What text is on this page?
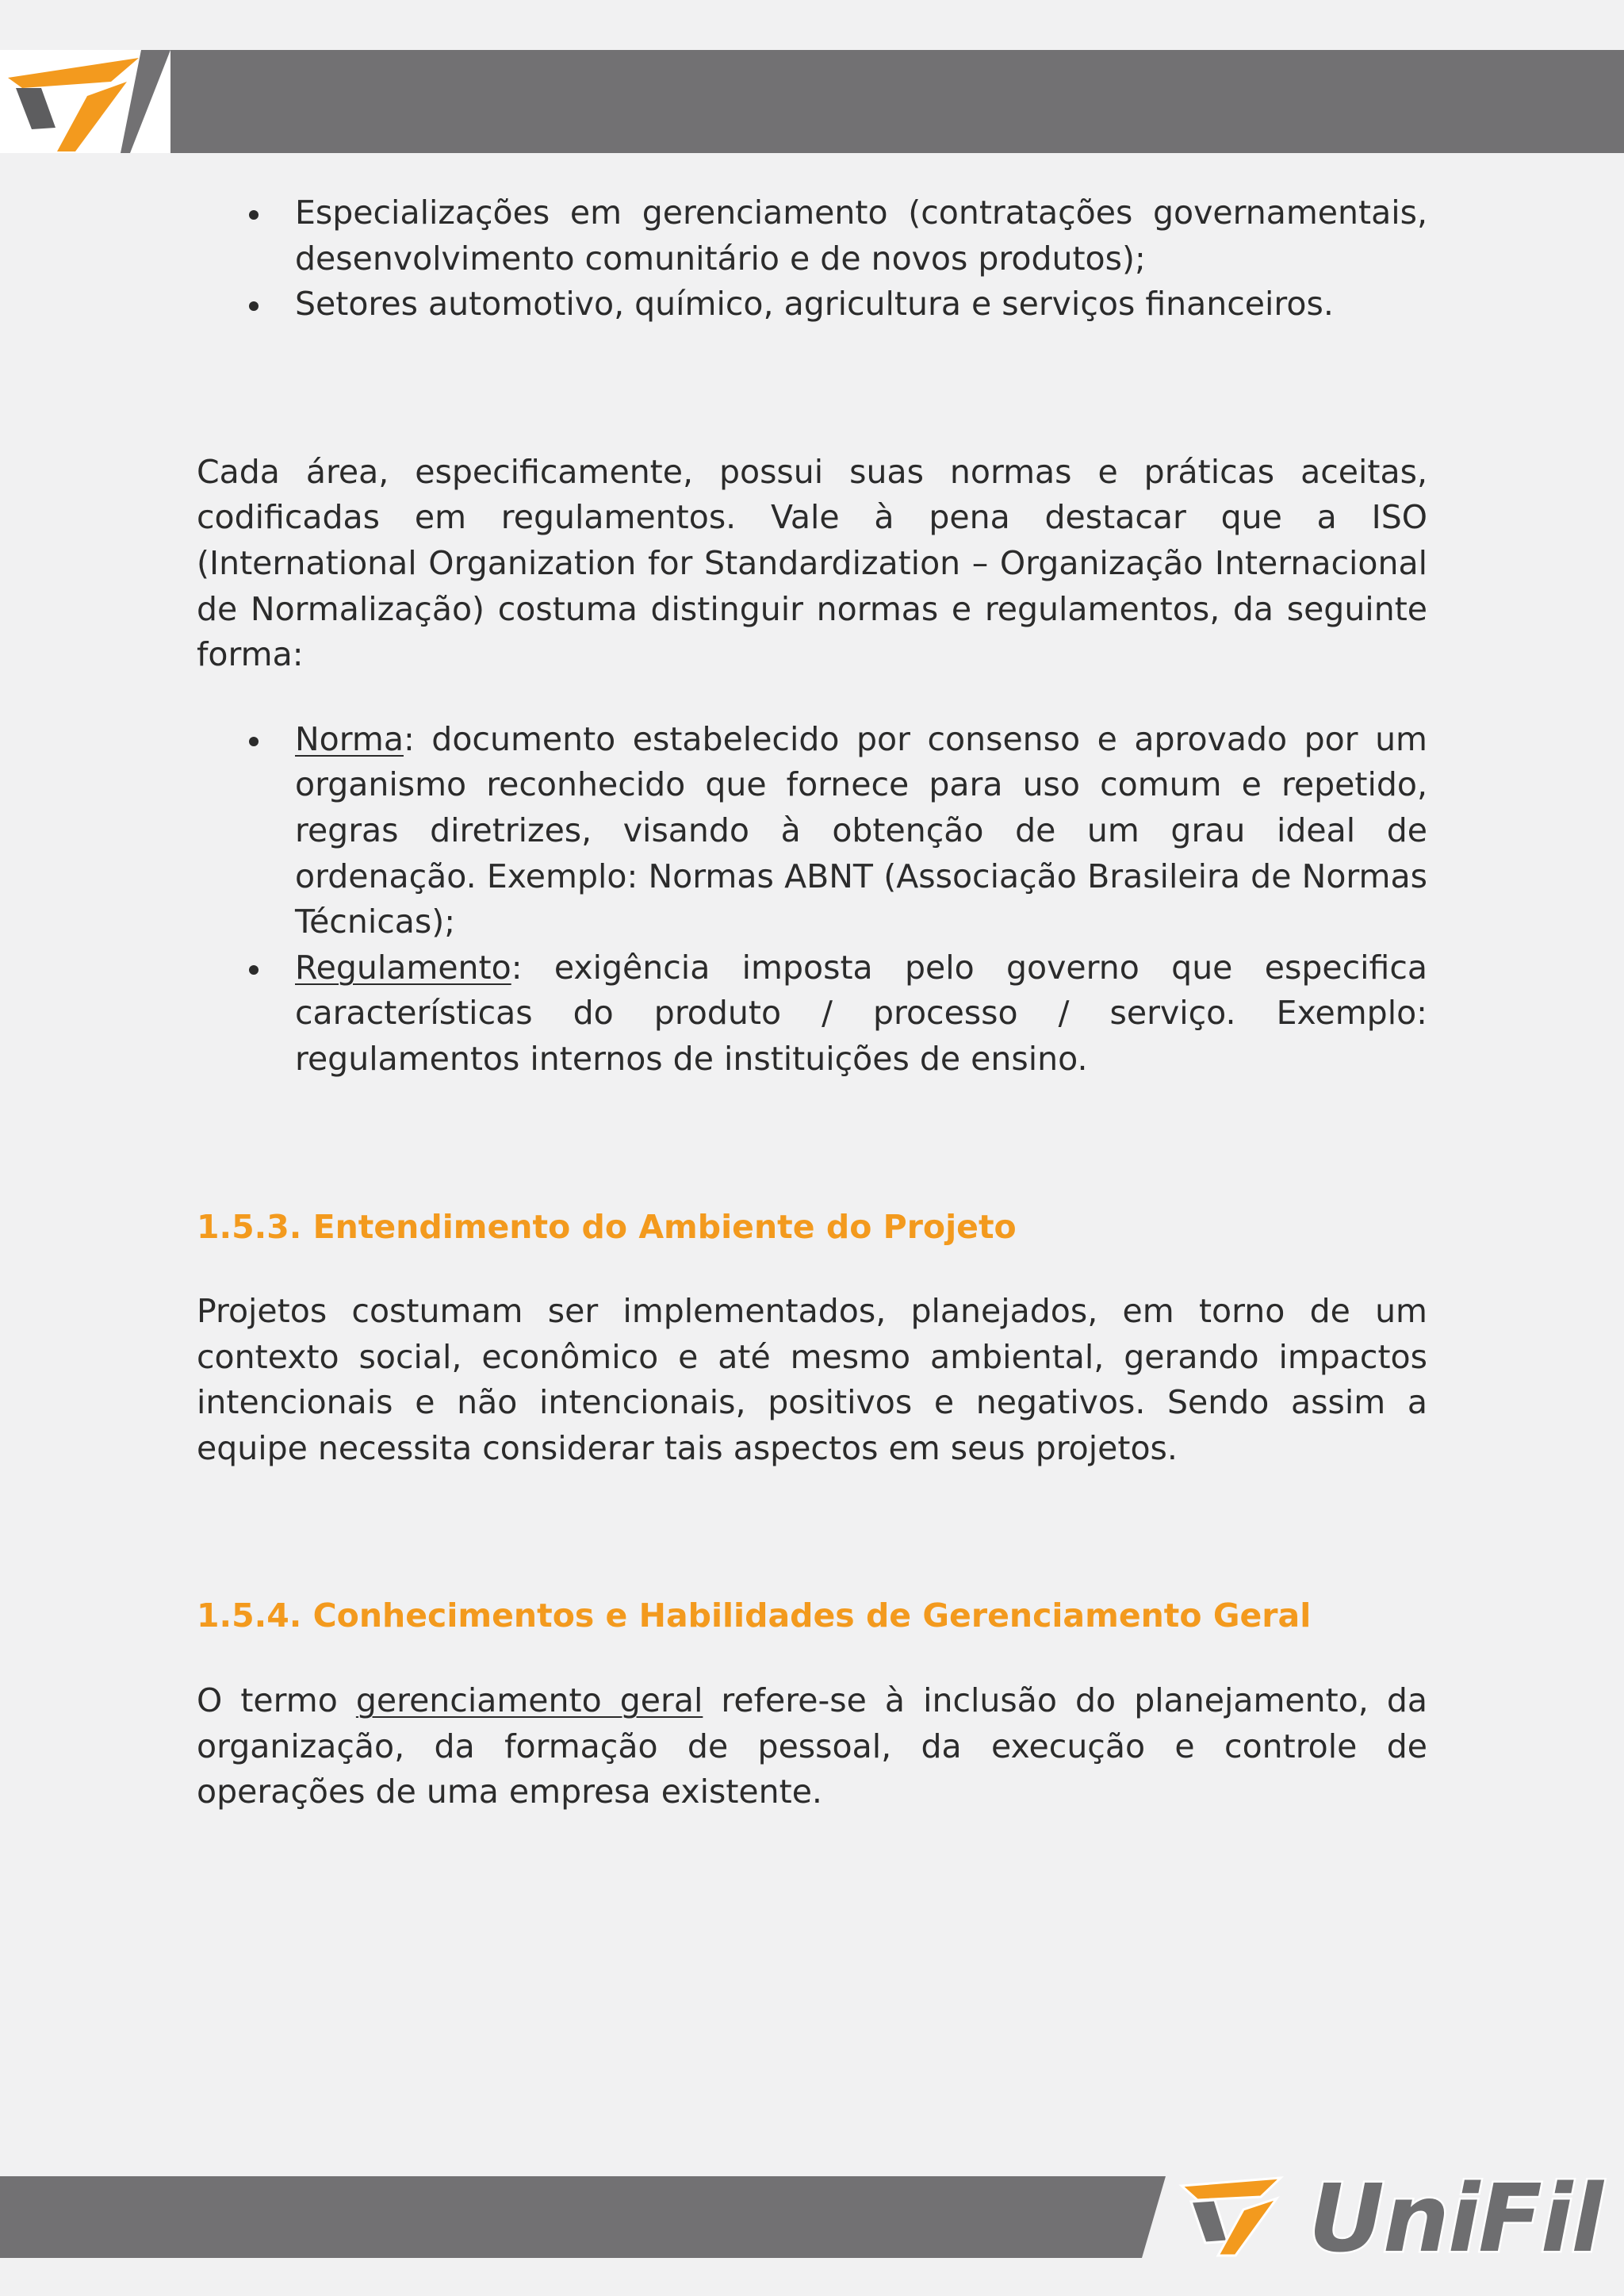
Especializações em gerenciamento (contratações governamentais, desenvolvimento comunitário e de novos produtos);
Setores automotivo, químico, agricultura e serviços financeiros.

Cada área, especificamente, possui suas normas e práticas aceitas, codificadas em regulamentos. Vale à pena destacar que a ISO (International Organization for Standardization – Organização Internacional de Normalização) costuma distinguir normas e regulamentos, da seguinte forma:

Norma: documento estabelecido por consenso e aprovado por um organismo reconhecido que fornece para uso comum e repetido, regras diretrizes, visando à obtenção de um grau ideal de ordenação. Exemplo: Normas ABNT (Associação Brasileira de Normas Técnicas);
Regulamento: exigência imposta pelo governo que especifica características do produto / processo / serviço. Exemplo: regulamentos internos de instituições de ensino.
1.5.3. Entendimento do Ambiente do Projeto

Projetos costumam ser implementados, planejados, em torno de um contexto social, econômico e até mesmo ambiental, gerando impactos intencionais e não intencionais, positivos e negativos. Sendo assim a equipe necessita considerar tais aspectos em seus projetos.

1.5.4. Conhecimentos e Habilidades de Gerenciamento Geral

O termo gerenciamento geral refere-se à inclusão do planejamento, da organização, da formação de pessoal, da execução e controle de operações de uma empresa existente.

UniFil
